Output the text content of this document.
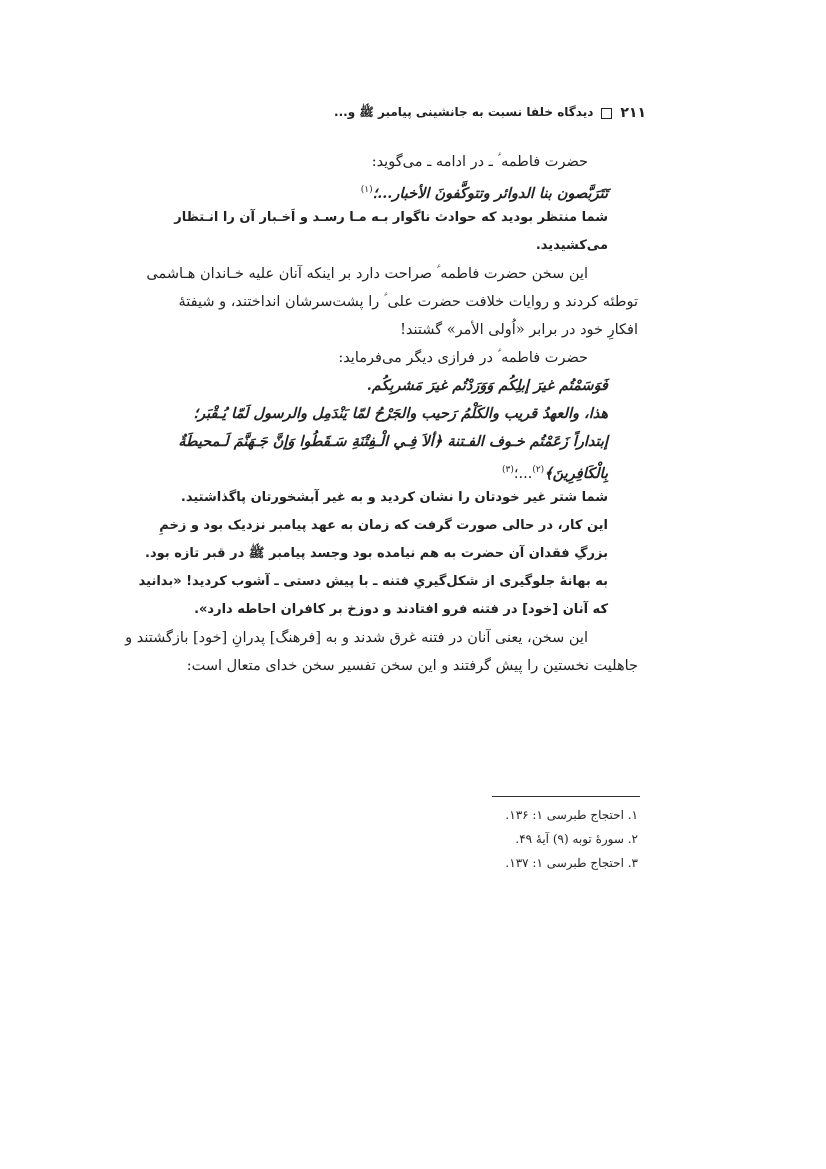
۲۱۱
دیدگاه خلفا نسبت به جانشینی پیامبر ﷺ و...
حضرت فاطمه ؑ ـ در ادامه ـ می‌گوید:
تَتَرَبَّصون بنا الدوائر وتتوكَّفونَ الأخبار...؛$^{(۱)}$
شما منتظر بودید که حوادث ناگوار بـه مـا رسـد و اَخـبار آن را انـتظار
می‌کشیدید.
این سخن حضرت فاطمه ؑ صراحت دارد بر اینکه آنان علیه خـاندان هـاشمی
توطئه کردند و روایات خلافت حضرت علی ؑ را پشت‌سرشان انداختند، و شیفتهٔ
افکارِ خود در برابر «اُولی الأمر» گشتند!
حضرت فاطمه ؑ در فرازی دیگر می‌فرماید:
فَوَسَمْتُم غيرَ إبلِكُم وَوَرَدْتُم غيرَ مَشربِكُم.
هذا، والعهدُ قريب والكَلْمُ رَحيب والجَرْحُ لمّا يَنْدَمِل والرسول لَمّا يُـقْبَر؛
إبتداراً زَعَمْتُم خـوف الفـتنة ﴿ألاَ فِـي الْـفِتْنَةِ سَـقَطُوا وَإنَّ جَـهَنَّمَ لَـمحيطَةٌ
بِالْكَافِرِينَ﴾$^{(۲)}$...؛$^{(۳)}$
شما شتر غیر خودتان را نشان کردید و به غیر آبشخورتان پاگذاشتید.
این کار، در حالی صورت گرفت که زمان به عهد پیامبر نزدیک بود و زخمِ
بزرگِ فقدان آن حضرت به هم نیامده بود وجسد پیامبر ﷺ در قبر تازه بود.
به بهانهٔ جلوگیری از شکل‌گیریِ فتنه ـ با پیش دستی ـ آشوب کردید! «بدانید
که آنان [خود] در فتنه فرو افتادند و دوزخ بر کافران احاطه دارد».
این سخن، یعنی آنان در فتنه غرق شدند و به [فرهنگ] پدرانِ [خود] بازگشتند و
جاهلیت نخستین را پیش گرفتند و این سخن تفسیر سخن خدای متعال است:
۱. احتجاج طبرسی ۱: ۱۳۶.
۲. سورهٔ توبه (۹) آیهٔ ۴۹.
۳. احتجاج طبرسی ۱: ۱۳۷.
